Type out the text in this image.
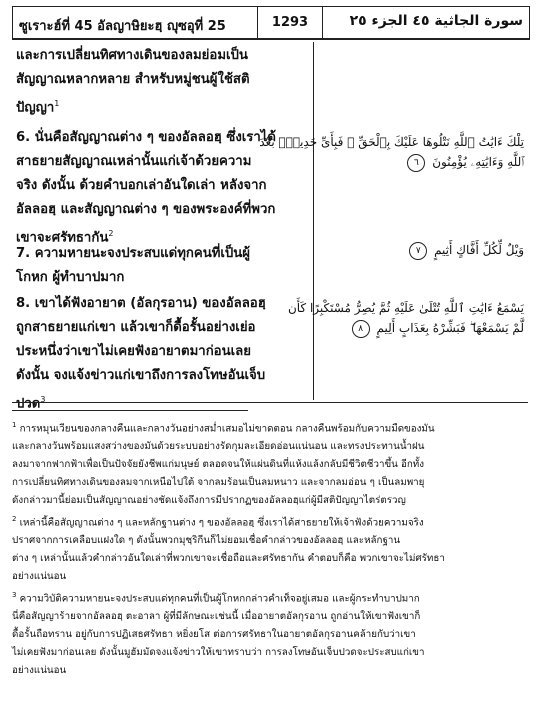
ซูเราะฮ์ที่ 45 อัลญาษิยะฮฺ ญุซอุที่ 25	1293	سورة الجاثية ٤٥ الجزء ٢٥
และการเปลี่ยนทิศทางเดินของลมย่อมเป็น
สัญญาณหลากหลาย สำหรับหมู่ชนผู้ใช้สติ
ปัญญา$^1$
6. นั่นคือสัญญาณต่าง ๆ ของอัลลอฮฺ ซึ่งเราได้
สาธยายสัญญาณเหล่านั้นแก่เจ้าด้วยความ
จริง ดังนั้น ด้วยคำบอกเล่าอันใดเล่า หลังจาก
อัลลอฮฺ และสัญญาณต่าง ๆ ของพระองค์ที่พวก
เขาจะศรัทธากัน$^2$
7. ความหายนะจงประสบแด่ทุกคนที่เป็นผู้
โกหก ผู้ทำบาปมาก
8. เขาได้ฟังอายาต (อัลกุรอาน) ของอัลลอฮฺ
ถูกสาธยายแก่เขา แล้วเขาก็ดื้อรั้นอย่างเย่อ
ประหนึ่งว่าเขาไม่เคยฟังอายาตมาก่อนเลย
ดังนั้น จงแจ้งข่าวแก่เขาถึงการลงโทษอันเจ็บ
ปวด$^3$
تِلْكَ ءَايَٰتُ ٱللَّهِ نَتْلُوهَا عَلَيْكَ بِٱلْحَقِّ ۖ فَبِأَىِّ حَدِيثٍۭ بَعْدَ
ٱللَّهِ وَءَايَٰتِهِۦ يُؤْمِنُونَ ٦
وَيْلٌ لِّكُلِّ أَفَّاكٍ أَثِيمٍ ٧
يَسْمَعُ ءَايَٰتِ ٱللَّهِ تُتْلَىٰ عَلَيْهِ ثُمَّ يُصِرُّ مُسْتَكْبِرًا كَأَن
لَّمْ يَسْمَعْهَا ۖ فَبَشِّرْهُ بِعَذَابٍ أَلِيمٍ ٨
$^1$ การหมุนเวียนของกลางคืนและกลางวันอย่างสม่ำเสมอไม่ขาดตอน กลางคืนพร้อมกับความมืดของมัน
และกลางวันพร้อมแสงสว่างของมันด้วยระบบอย่างรัดกุมละเอียดอ่อนแน่นอน และทรงประทานน้ำฝน
ลงมาจากฟากฟ้าเพื่อเป็นปัจจัยยังชีพแก่มนุษย์ ตลอดจนให้แผ่นดินที่แห้งแล้งกลับมีชีวิตชีวาขึ้น อีกทั้ง
การเปลี่ยนทิศทางเดินของลมจากเหนือไปใต้ จากลมร้อนเป็นลมหนาว และจากลมอ่อน ๆ เป็นลมพายุ
ดังกล่าวมานี้ย่อมเป็นสัญญาณอย่างชัดแจ้งถึงการมีปรากฏของอัลลอฮฺแก่ผู้มีสติปัญญาไตร่ตรวญ
$^2$ เหล่านี้คือสัญญาณต่าง ๆ และหลักฐานต่าง ๆ ของอัลลอฮฺ ซึ่งเราได้สาธยายให้เจ้าฟังด้วยความจริง
ปราศจากการเคลือบแฝงใด ๆ ดังนั้นพวกมุชฺริกีนก็ไม่ยอมเชื่อคำกล่าวของอัลลอฮฺ และหลักฐาน
ต่าง ๆ เหล่านั้นแล้วคำกล่าวอันใดเล่าที่พวกเขาจะเชื่อถือและศรัทธากัน คำตอบก็คือ พวกเขาจะไม่ศรัทธา
อย่างแน่นอน
$^3$ ความวิบัติความหายนะจงประสบแด่ทุกคนที่เป็นผู้โกหกกล่าวคำเท็จอยู่เสมอ และผู้กระทำบาปมาก
นี่คือสัญญาร้ายจากอัลลอฮฺ ตะอาลา ผู้ที่มีลักษณะเช่นนี้ เมื่ออายาตอัลกุรอาน ถูกอ่านให้เขาฟังเขาก็
ดื้อรั้นถือทราน อยู่กับการปฏิเสธศรัทธา หยิ่งยโส ต่อการศรัทธาในอายาตอัลกุรอานคล้ายกับว่าเขา
ไม่เคยฟังมาก่อนเลย ดังนั้นมูฮัมมัดจงแจ้งข่าวให้เขาทราบว่า การลงโทษอันเจ็บปวดจะประสบแก่เขา
อย่างแน่นอน
